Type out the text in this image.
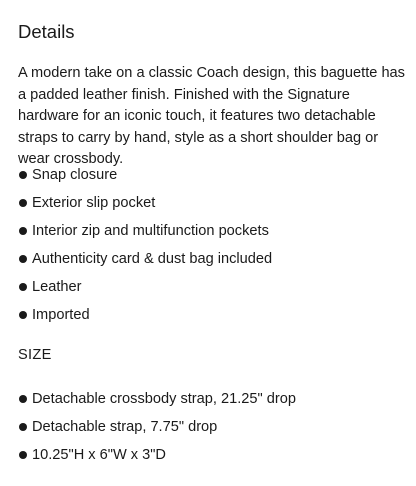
Details

A modern take on a classic Coach design, this baguette has a padded leather finish. Finished with the Signature hardware for an iconic touch, it features two detachable straps to carry by hand, style as a short shoulder bag or wear crossbody.

Snap closure
Exterior slip pocket
Interior zip and multifunction pockets
Authenticity card & dust bag included
Leather
Imported
SIZE
Detachable crossbody strap, 21.25" drop
Detachable strap, 7.75" drop
10.25"H x 6"W x 3"D
